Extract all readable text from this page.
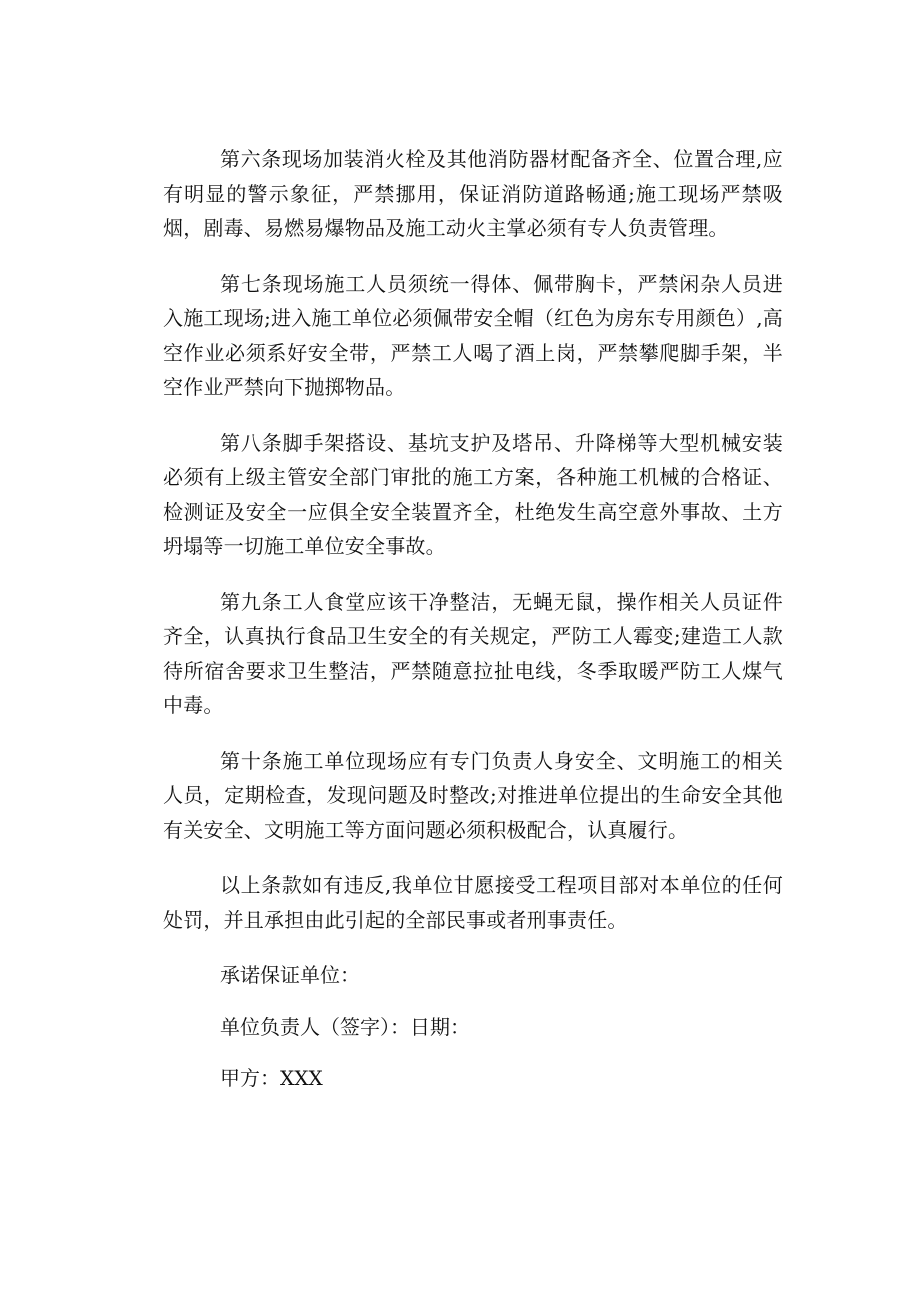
第六条现场加装消火栓及其他消防器材配备齐全、位置合理,应有明显的警示象征，严禁挪用，保证消防道路畅通;施工现场严禁吸烟，剧毒、易燃易爆物品及施工动火主掌必须有专人负责管理。

第七条现场施工人员须统一得体、佩带胸卡，严禁闲杂人员进入施工现场;进入施工单位必须佩带安全帽（红色为房东专用颜色）,高空作业必须系好安全带，严禁工人喝了酒上岗，严禁攀爬脚手架，半空作业严禁向下抛掷物品。

第八条脚手架搭设、基坑支护及塔吊、升降梯等大型机械安装必须有上级主管安全部门审批的施工方案，各种施工机械的合格证、检测证及安全一应俱全安全装置齐全，杜绝发生高空意外事故、土方坍塌等一切施工单位安全事故。

第九条工人食堂应该干净整洁，无蝇无鼠，操作相关人员证件齐全，认真执行食品卫生安全的有关规定，严防工人霉变;建造工人款待所宿舍要求卫生整洁，严禁随意拉扯电线，冬季取暖严防工人煤气中毒。

第十条施工单位现场应有专门负责人身安全、文明施工的相关人员，定期检查，发现问题及时整改;对推进单位提出的生命安全其他有关安全、文明施工等方面问题必须积极配合，认真履行。

以上条款如有违反,我单位甘愿接受工程项目部对本单位的任何处罚，并且承担由此引起的全部民事或者刑事责任。

承诺保证单位：
单位负责人（签字）：日期：
甲方：XXX
